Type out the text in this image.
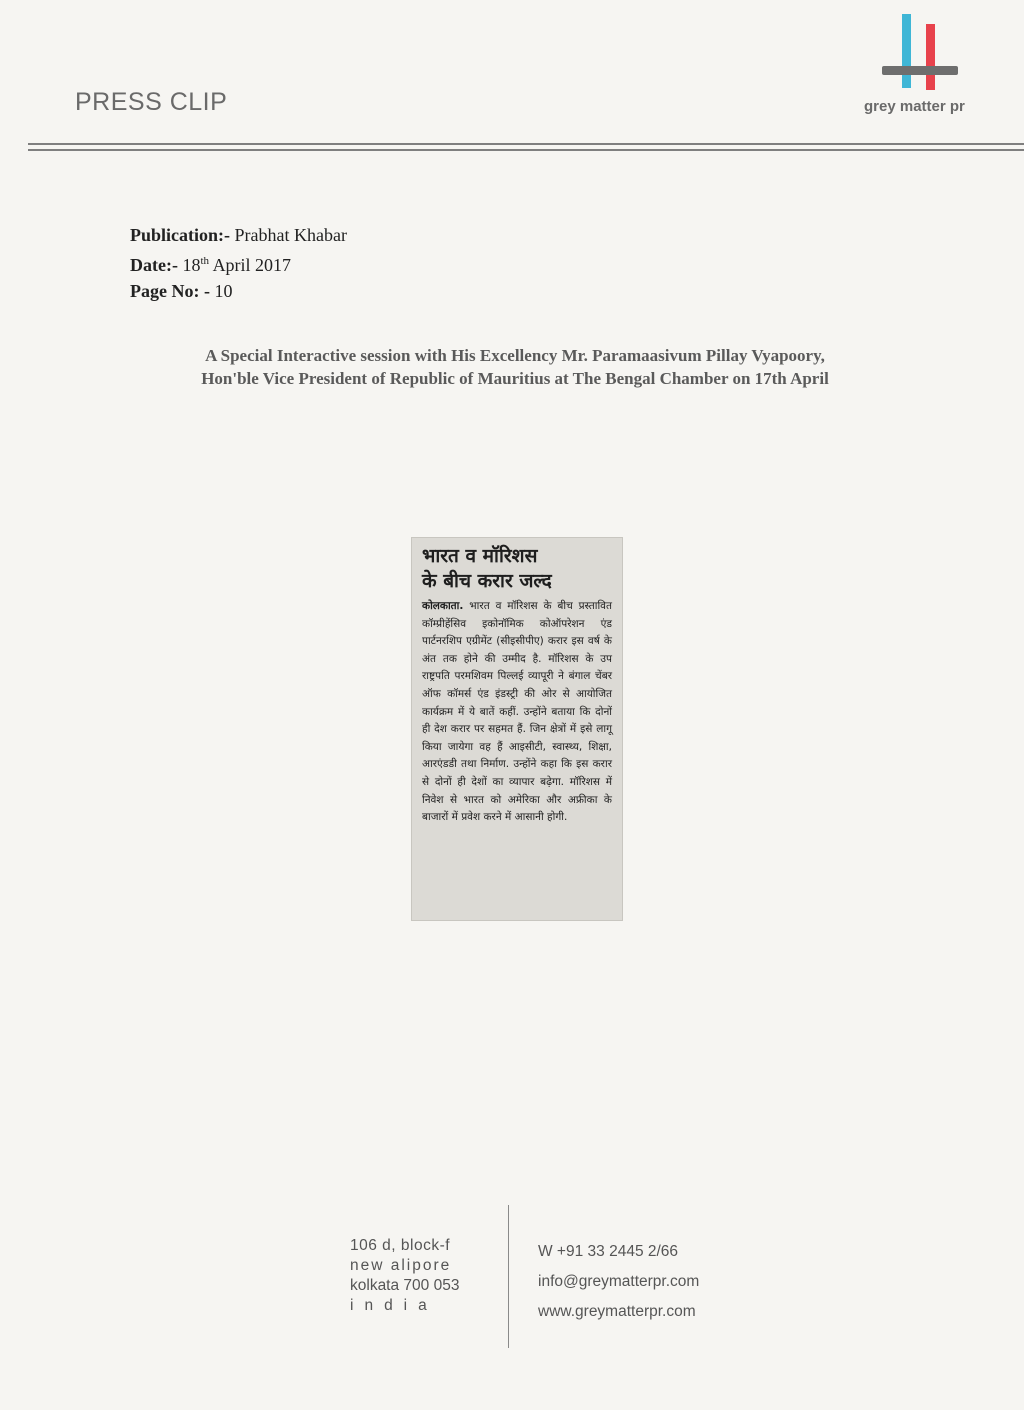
PRESS CLIP	grey matter pr
Publication:- Prabhat Khabar
Date:- 18th April 2017
Page No: - 10
A Special Interactive session with His Excellency Mr. Paramaasivum Pillay Vyapoory,
Hon'ble Vice President of Republic of Mauritius at The Bengal Chamber on 17th April
भारत व मॉरिशस
के बीच करार जल्द
कोलकाता. भारत व मॉरिशस के बीच प्रस्तावित कॉम्प्रीहेंसिव इकोनॉमिक कोऑपरेशन एंड पार्टनरशिप एग्रीमेंट (सीइसीपीए) करार इस वर्ष के अंत तक होने की उम्मीद है. मॉरिशस के उप राष्ट्रपति परमशिवम पिल्लई व्यापूरी ने बंगाल चेंबर ऑफ कॉमर्स एंड इंडस्ट्री की ओर से आयोजित कार्यक्रम में ये बातें कहीं. उन्होंने बताया कि दोनों ही देश करार पर सहमत हैं. जिन क्षेत्रों में इसे लागू किया जायेगा वह हैं आइसीटी, स्वास्थ्य, शिक्षा, आरएंडडी तथा निर्माण. उन्होंने कहा कि इस करार से दोनों ही देशों का व्यापार बढ़ेगा. मॉरिशस में निवेश से भारत को अमेरिका और अफ्रीका के बाजारों में प्रवेश करने में आसानी होगी.
106 d, block-f
new alipore
kolkata 700 053
india
W +91 33 2445 2/66
info@greymatterpr.com
www.greymatterpr.com
